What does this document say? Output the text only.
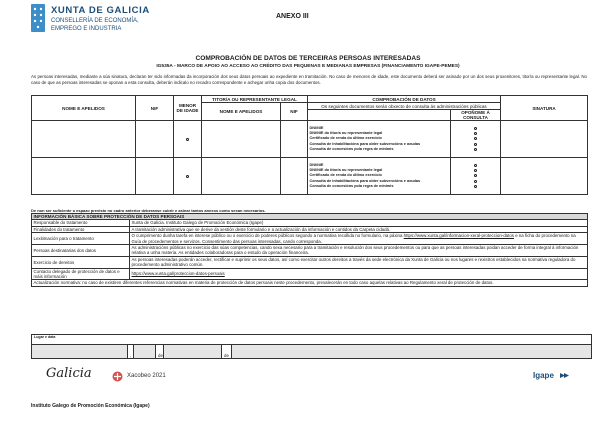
XUNTA DE GALICIA
CONSELLERÍA DE ECONOMÍA,
EMPREGO E INDUSTRIA
ANEXO III
COMPROBACIÓN DE DATOS DE TERCEIRAS PERSOAS INTERESADAS
IG535A - MARCO DE APOIO AO ACCESO AO CRÉDITO DAS PEQUENAS E MEDIANAS EMPRESAS (FINANCIAMENTO IGAPE-PEMES)
As persoas interesadas, mediante a súa sinatura, declaran ter sido informadas da incorporación dos seus datos persoais ao expediente en tramitación. No caso de menores de idade, este documento deberá ser asinado por un dos seus proxenitores, titor/a ou representante legal. No caso de que as persoas interesadas se oponan a esta consulta, deberán indicalo no recadro correspondente e achegar unha copia dos documentos.
NOME E APELIDOS	NIF	MENOR DE IDADE	TITOR/A OU REPRESENTANTE LEGAL		COMPROBACIÓN DE DATOS		SINATURA
			NOME E APELIDOS	NIF	Os seguintes documentos serán obxecto de consulta ás administracións públicas		
						OPOÑOME Á CONSULTA	

					DNI/NIE
DNI/NIE do titor/a ou representante legal
Certificado de renda do último exercicio
Consulta de inhabilitacións para obter subvencións e axudas
Consulta de concesións pola regra de minimis		

					DNI/NIE
DNI/NIE do titor/a ou representante legal
Certificado de renda do último exercicio
Consulta de inhabilitacións para obter subvencións e axudas
Consulta de concesións pola regra de minimis		

De non ser suficiente o espazo previsto no cadro anterior deberanse cubrir e asinar tantos anexos como sexan necesarios.
INFORMACIÓN BÁSICA SOBRE PROTECCIÓN DE DATOS PERSOAIS	
Responsable do tratamento	Xunta de Galicia. Instituto Galego de Promoción Económica (Igape)
Finalidades do tratamento	A tramitación administrativa que se derive da xestión deste formulario e a actualización da información e contidos da Carpeta cidadá.
Lexitimación para o tratamento	O cumprimento dunha tarefa en interese público ou o exercicio de poderes públicos segundo a normativa recollida no formulario, na páxina https://www.xunta.gal/informacion-xeral-proteccion-datos e na ficha do procedemento na Guía de procedementos e servizos. Consentimento das persoas interesadas, cando corresponda.
Persoas destinatarias dos datos	As administracións públicas no exercicio das súas competencias, cando sexa necesario para a tramitación e resolución dos seus procedementos ou para que as persoas interesadas poidan acceder de forma integral á información relativa a unha materia. As entidades colaboradoras para o estudo da operación financeira.
Exercicio de dereitos	As persoas interesadas poderán acceder, rectificar e suprimir os seus datos, así como exercitar outros dereitos a través da sede electrónica da Xunta de Galicia ou nos lugares e rexistros establecidos na normativa reguladora do procedemento administrativo común.
Contacto delegado de protección de datos e máis información	https://www.xunta.gal/proteccion-datos-persoais
Actualización normativa: no caso de existiren diferentes referencias normativas en materia de protección de datos persoais neste procedemento, prevalecerán en todo caso aquelas relativas ao Regulamento xeral de protección de datos.	
Lugar e data
	,		de		de	
Galicia	Xacobeo 2021	Igape
Instituto Galego de Promoción Económica (Igape)
